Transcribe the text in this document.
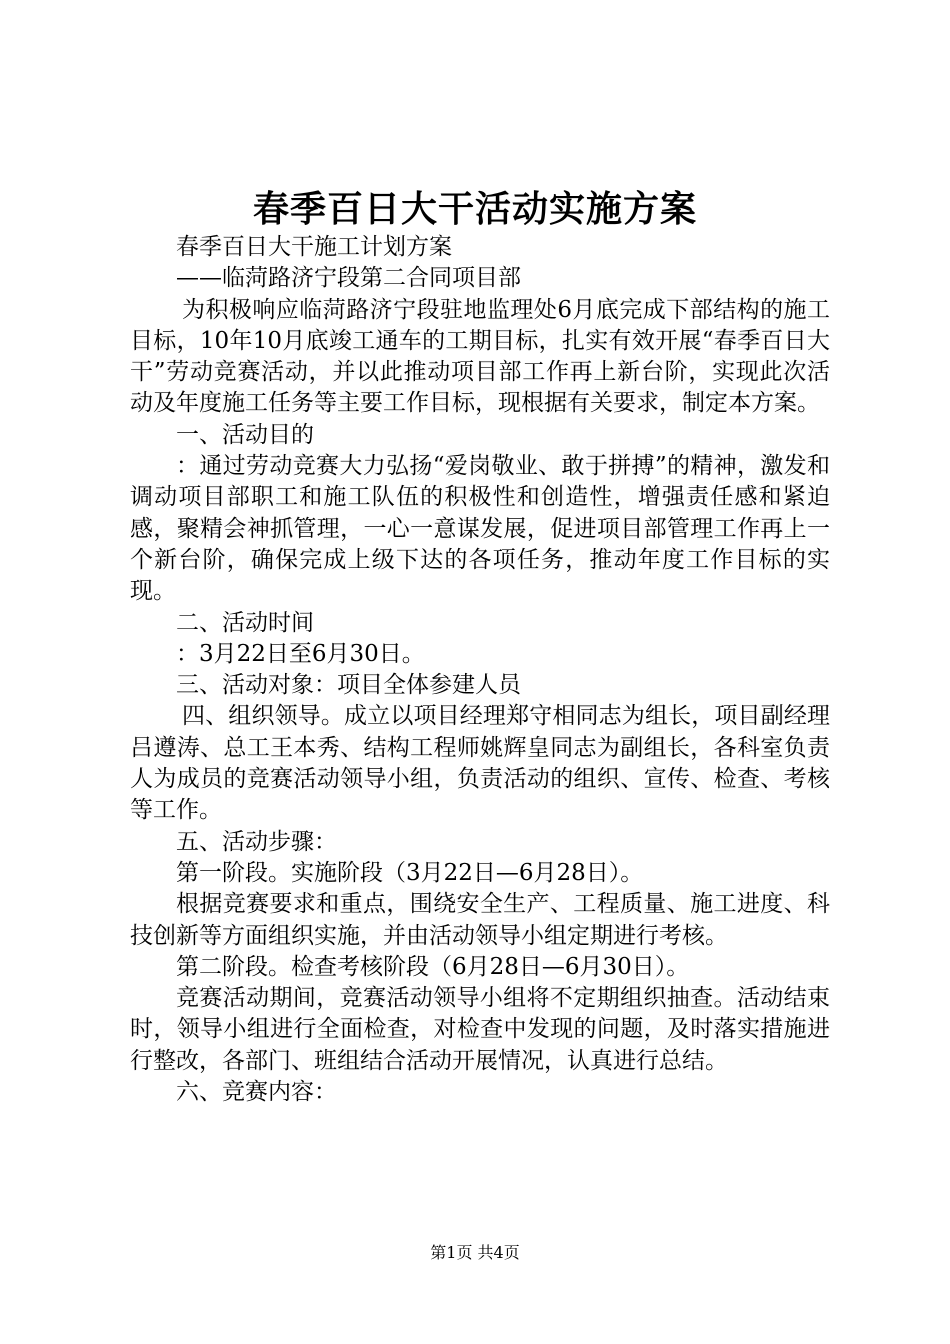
春季百日大干活动实施方案

春季百日大干施工计划方案

——临菏路济宁段第二合同项目部

为积极响应临菏路济宁段驻地监理处6月底完成下部结构的施工目标，10年10月底竣工通车的工期目标，扎实有效开展“春季百日大干”劳动竞赛活动，并以此推动项目部工作再上新台阶，实现此次活动及年度施工任务等主要工作目标，现根据有关要求，制定本方案。

一、活动目的

：通过劳动竞赛大力弘扬“爱岗敬业、敢于拼搏”的精神，激发和调动项目部职工和施工队伍的积极性和创造性，增强责任感和紧迫感，聚精会神抓管理，一心一意谋发展，促进项目部管理工作再上一个新台阶，确保完成上级下达的各项任务，推动年度工作目标的实现。

二、活动时间

：3月22日至6月30日。

三、活动对象：项目全体参建人员

四、组织领导。成立以项目经理郑守相同志为组长，项目副经理吕遵涛、总工王本秀、结构工程师姚辉皇同志为副组长，各科室负责人为成员的竞赛活动领导小组，负责活动的组织、宣传、检查、考核等工作。

五、活动步骤：

第一阶段。实施阶段（3月22日—6月28日）。

根据竞赛要求和重点，围绕安全生产、工程质量、施工进度、科技创新等方面组织实施，并由活动领导小组定期进行考核。

第二阶段。检查考核阶段（6月28日—6月30日）。

竞赛活动期间，竞赛活动领导小组将不定期组织抽查。活动结束时，领导小组进行全面检查，对检查中发现的问题，及时落实措施进行整改，各部门、班组结合活动开展情况，认真进行总结。

六、竞赛内容：

第1页 共4页
